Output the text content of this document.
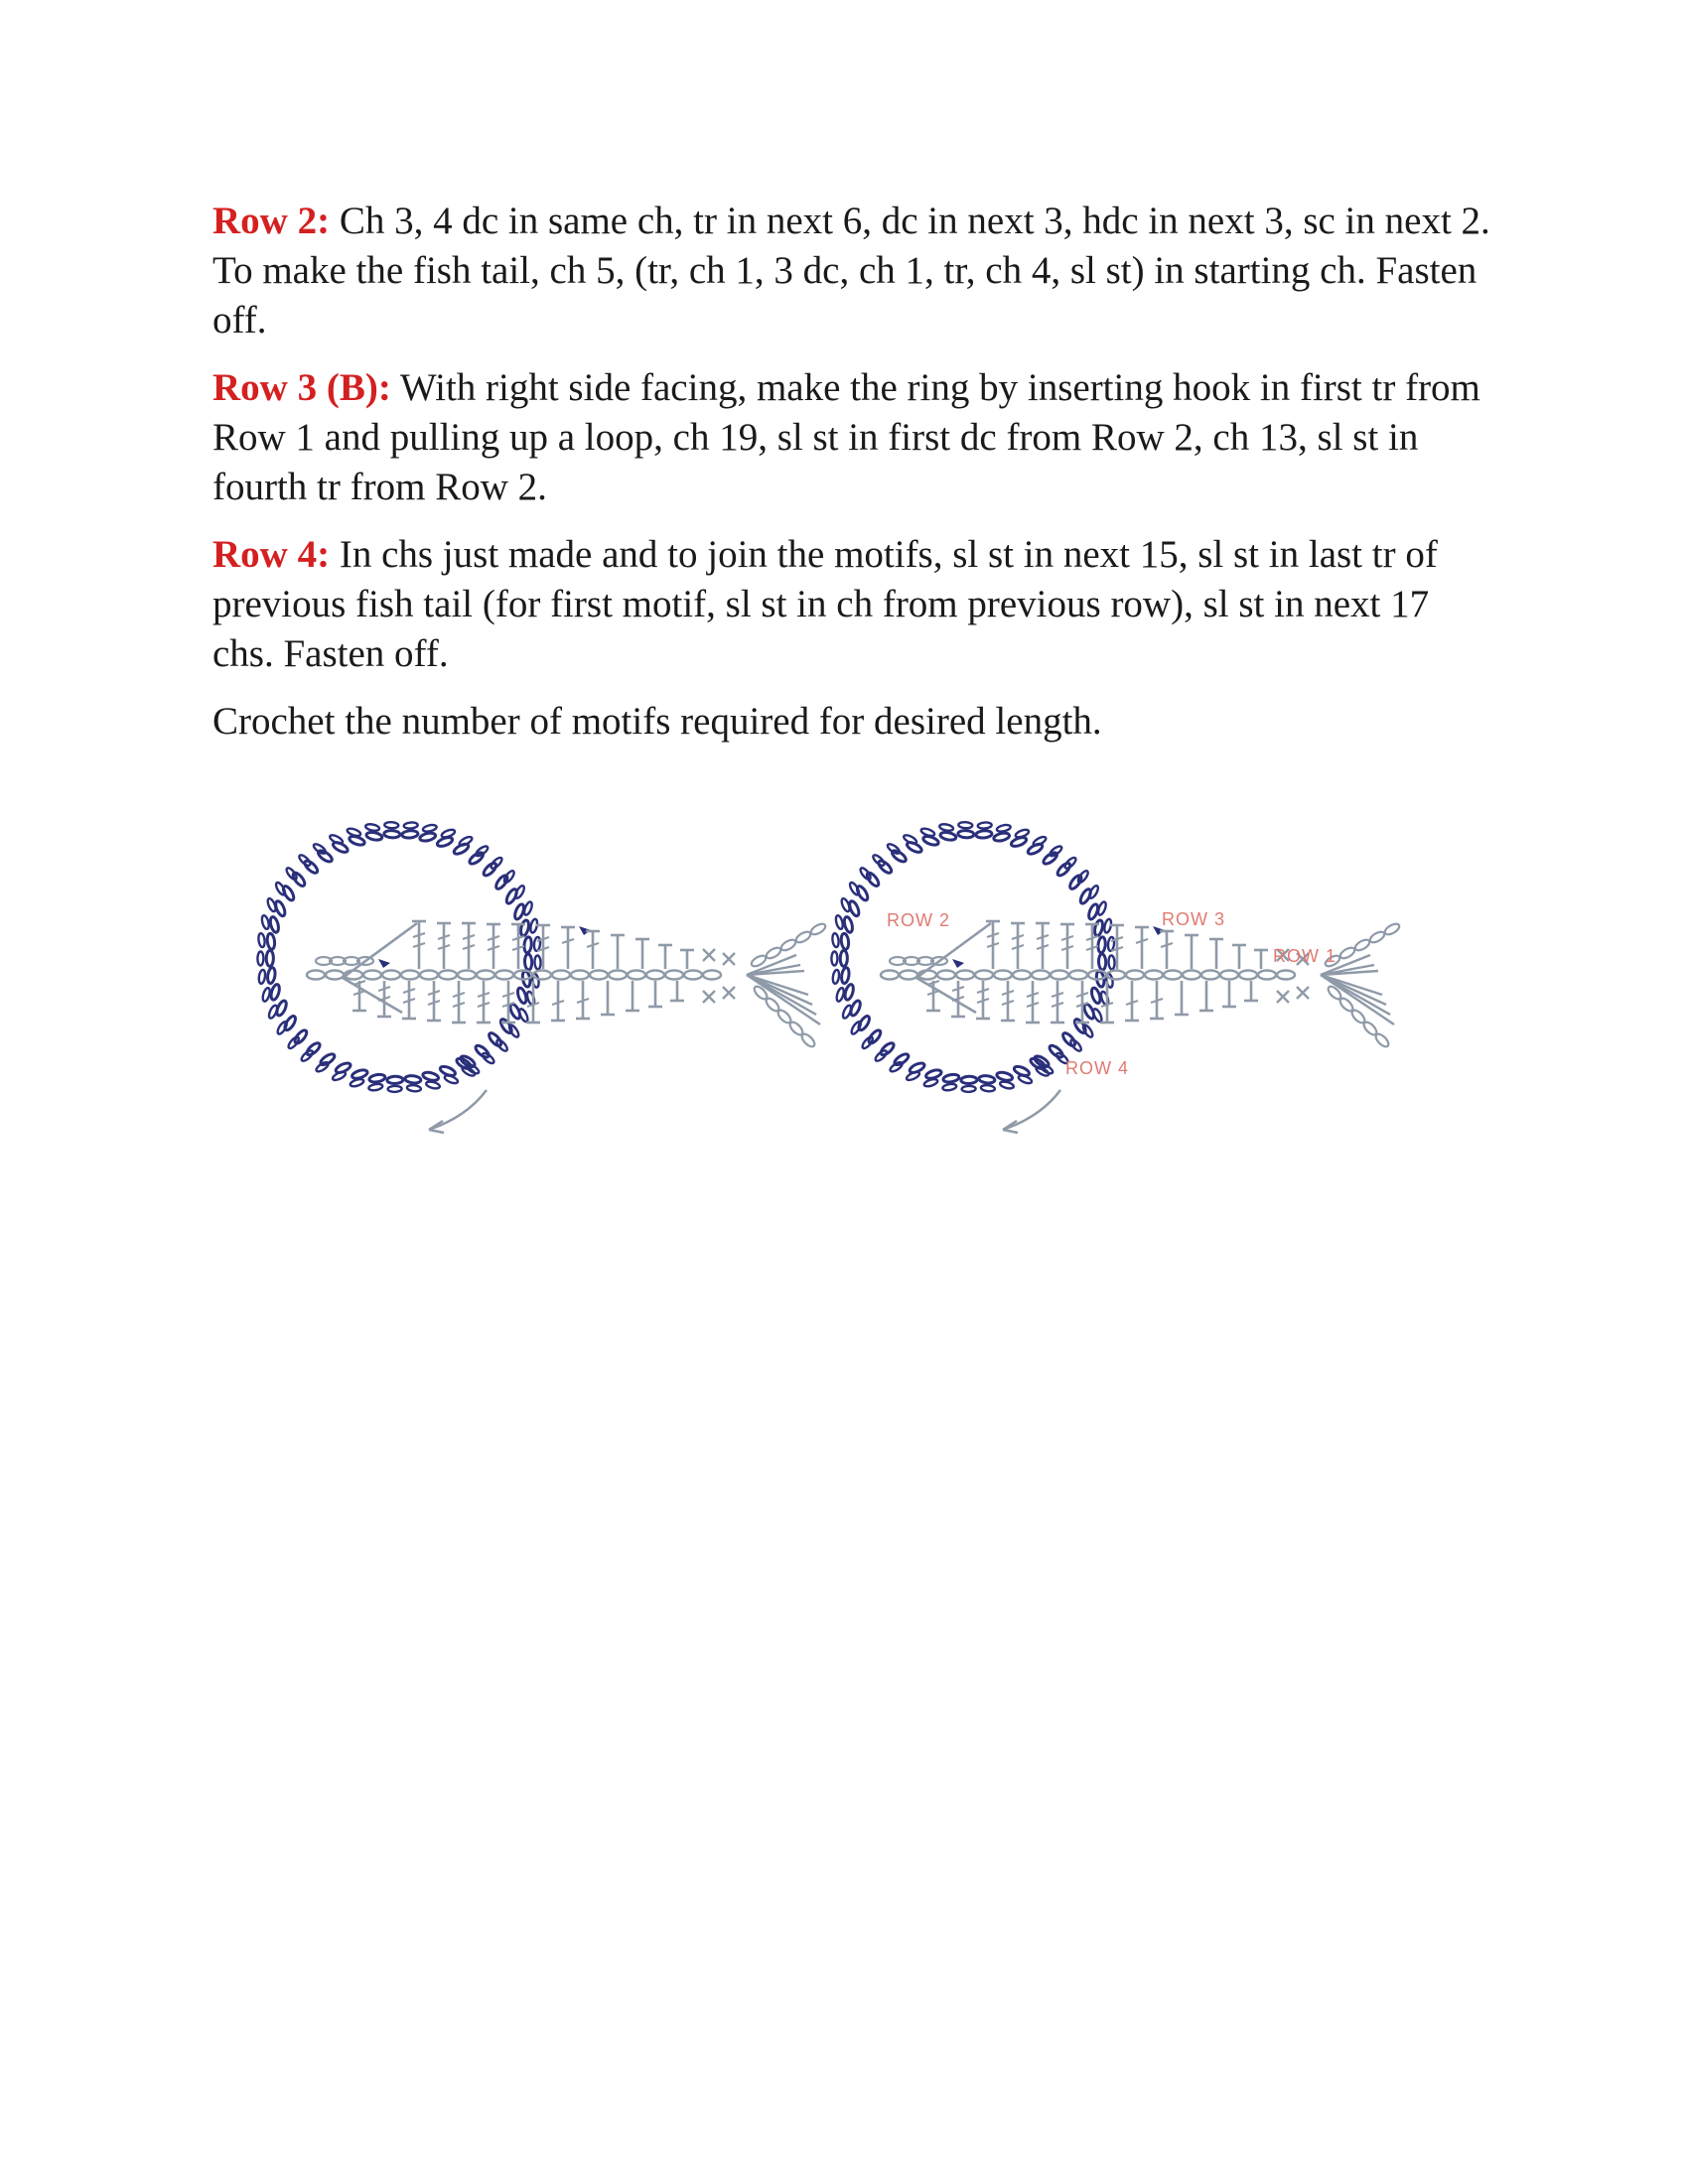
Row 2: Ch 3, 4 dc in same ch, tr in next 6, dc in next 3, hdc in next 3, sc in next 2. To make the fish tail, ch 5, (tr, ch 1, 3 dc, ch 1, tr, ch 4, sl st) in starting ch. Fasten off.

Row 3 (B): With right side facing, make the ring by inserting hook in first tr from Row 1 and pulling up a loop, ch 19, sl st in first dc from Row 2, ch 13, sl st in fourth tr from Row 2.

Row 4: In chs just made and to join the motifs, sl st in next 15, sl st in last tr of previous fish tail (for first motif, sl st in ch from previous row), sl st in next 17 chs. Fasten off.

Crochet the number of motifs required for desired length.

ROW 2	ROW 3
ROW 1
ROW 4
